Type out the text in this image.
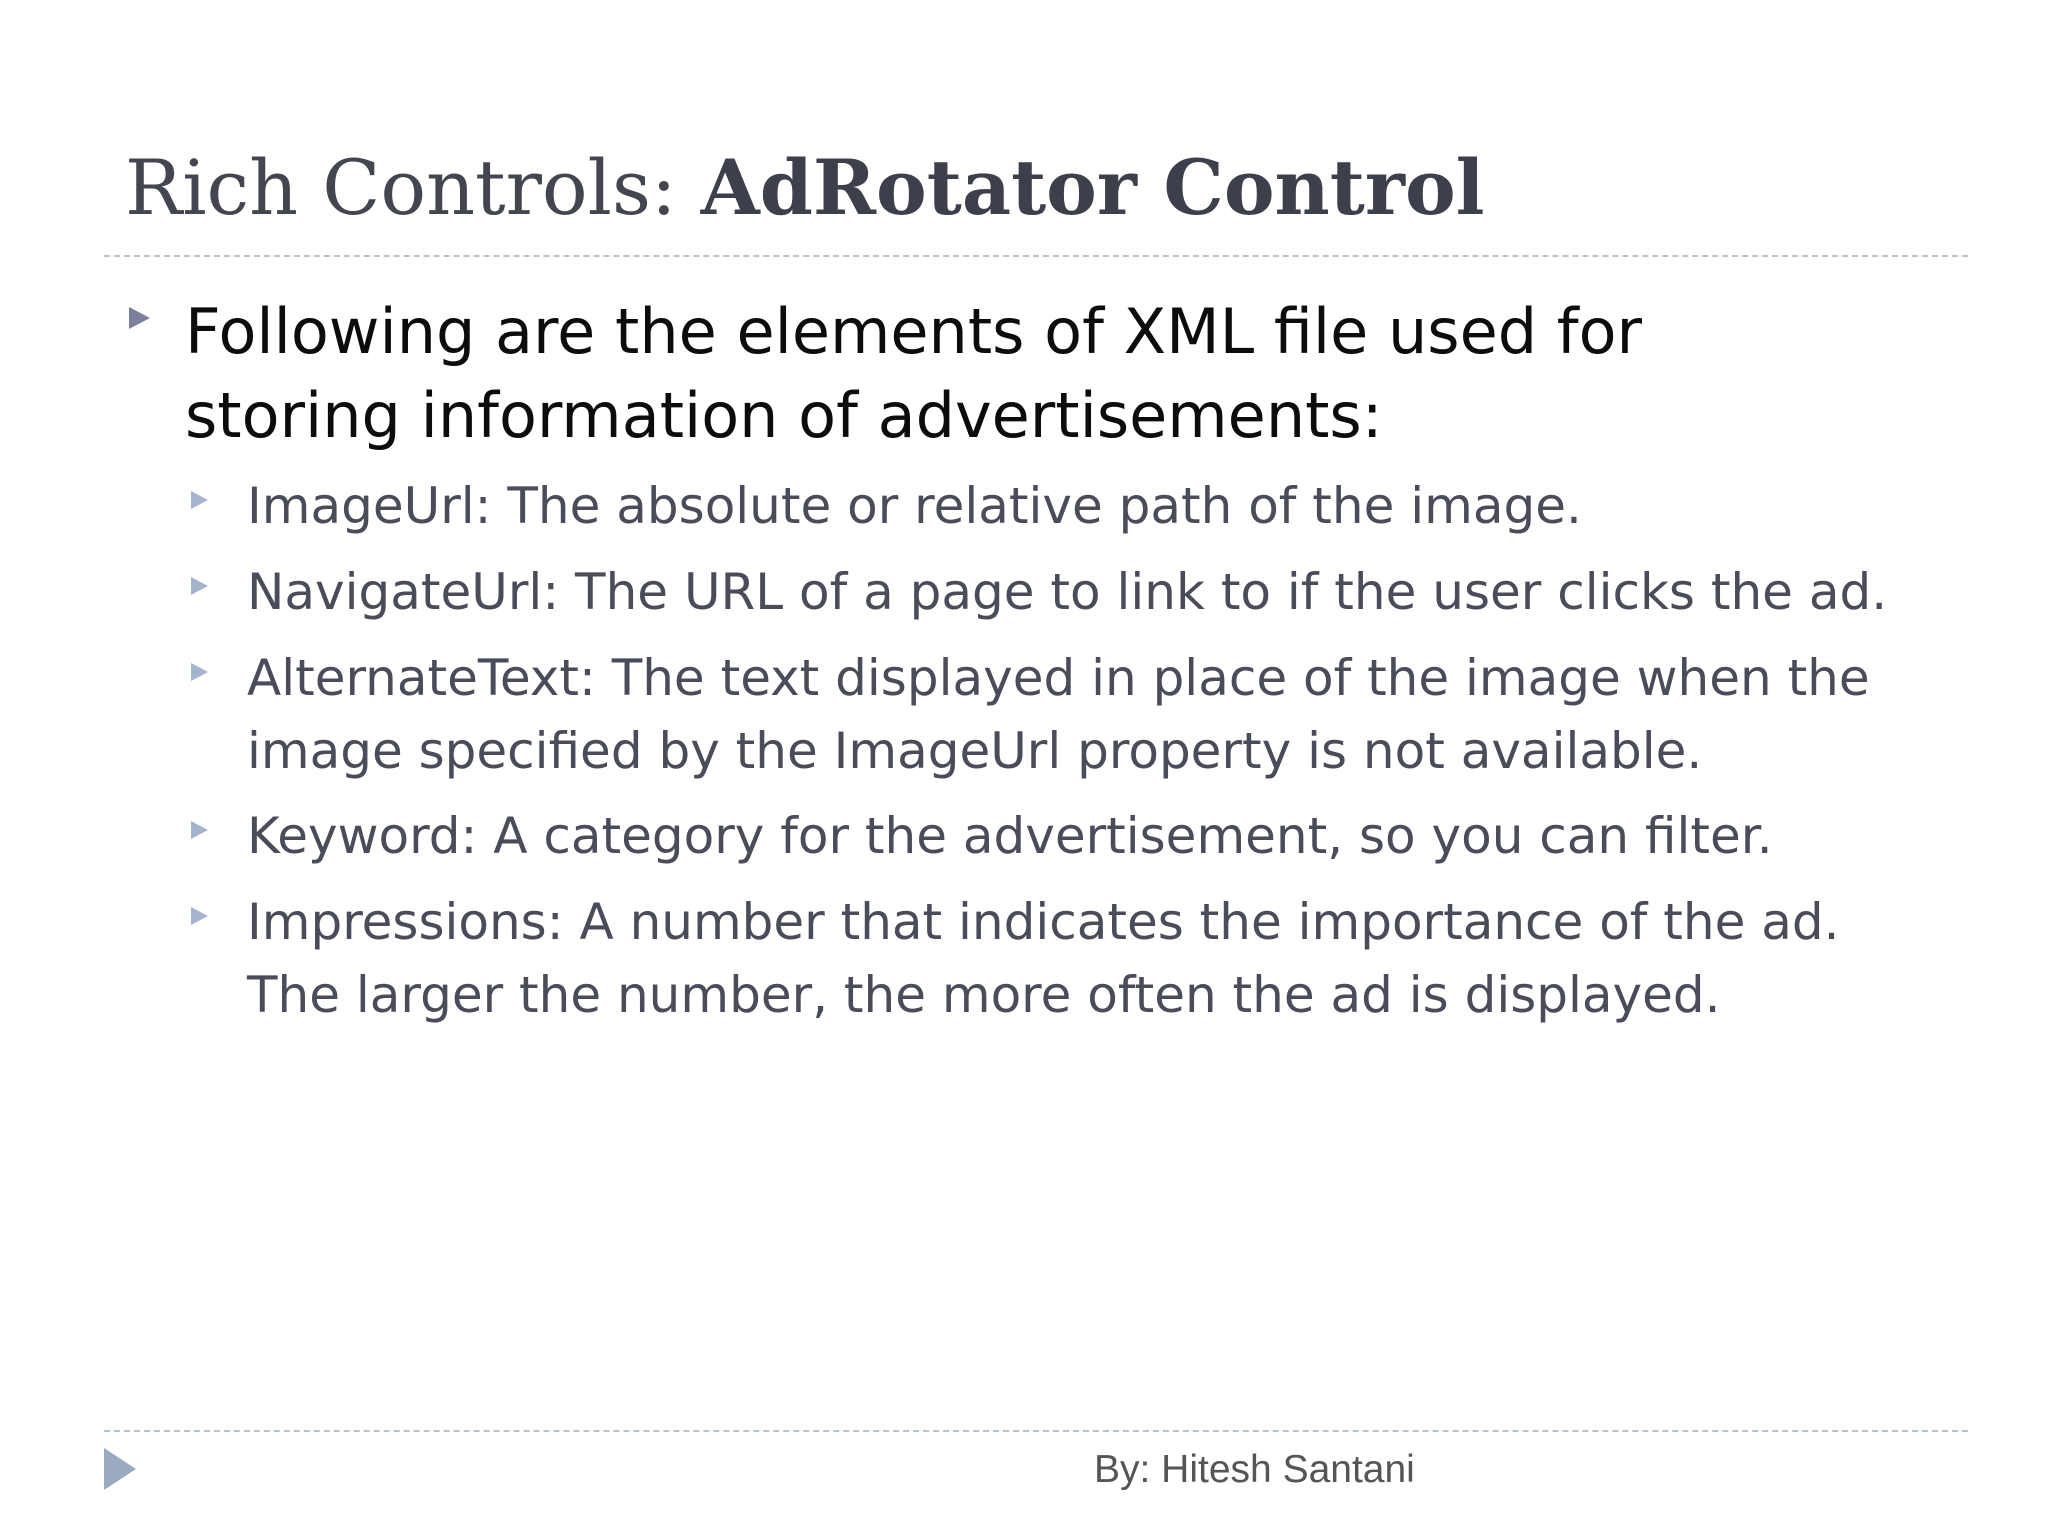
Rich Controls: AdRotator Control
Following are the elements of XML file used for storing information of advertisements:
ImageUrl: The absolute or relative path of the image.
NavigateUrl: The URL of a page to link to if the user clicks the ad.
AlternateText: The text displayed in place of the image when the image specified by the ImageUrl property is not available.
Keyword: A category for the advertisement, so you can filter.
Impressions: A number that indicates the importance of the ad. The larger the number, the more often the ad is displayed.
By: Hitesh Santani
